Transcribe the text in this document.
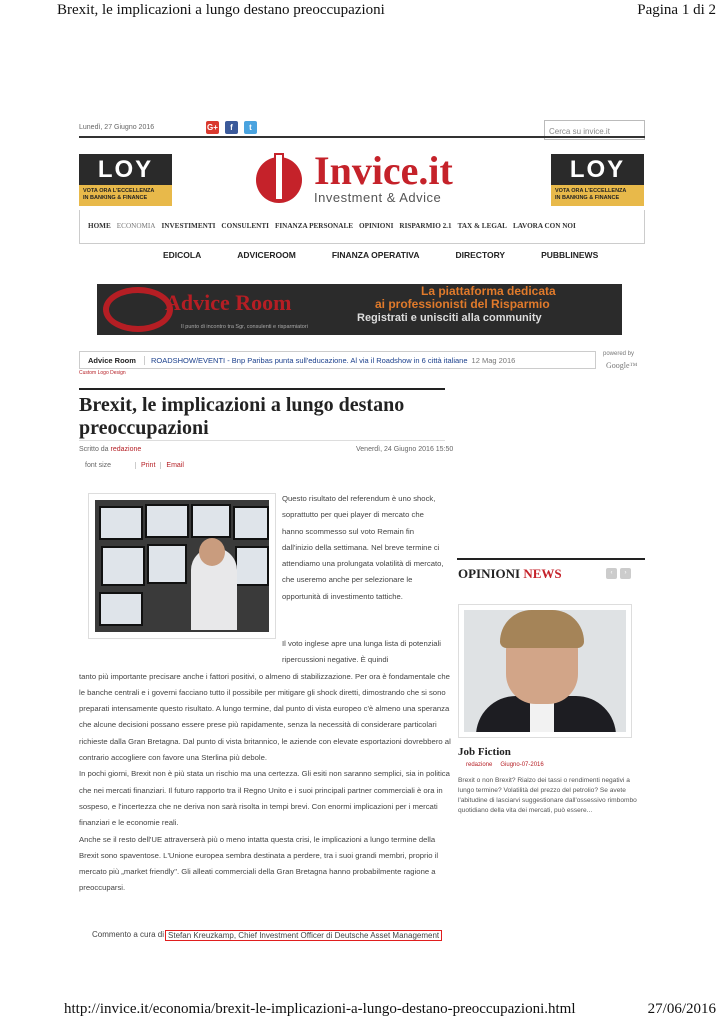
Brexit, le implicazioni a lungo destano preoccupazioni	Pagina 1 di 2
Lunedì, 27 Giugno 2016	G+	f	t	Cerca su invice.it
LOY
VOTA ORA L'ECCELLENZA
IN BANKING & FINANCE
LOY
VOTA ORA L'ECCELLENZA
IN BANKING & FINANCE
Invice.it
Investment & Advice
HOME ECONOMIA INVESTIMENTI CONSULENTI FINANZA PERSONALE OPINIONI RISPARMIO 2.1 TAX & LEGAL LAVORA CON NOI
EDICOLA	ADVICEROOM	FINANZA OPERATIVA	DIRECTORY	PUBBLINEWS
Advice Room	La piattaforma dedicata
ai professionisti del Risparmio
Registrati e unisciti alla community
Il punto di incontro tra Sgr, consulenti e risparmiatori
Advice Room	ROADSHOW/EVENTI - Bnp Paribas punta sull'educazione. Al via il Roadshow in 6 città italiane 12 Mag 2016
powered by
Google™
Custom Logo Design
Brexit, le implicazioni a lungo destano preoccupazioni
Scritto da redazione	Venerdì, 24 Giugno 2016 15:50
font size	Print	Email
Questo risultato del referendum è uno shock, soprattutto per quei player di mercato che hanno scommesso sul voto Remain fin dall'inizio della settimana. Nel breve termine ci attendiamo una prolungata volatilità di mercato, che useremo anche per selezionare le opportunità di investimento tattiche.
Il voto inglese apre una lunga lista di potenziali ripercussioni negative. È quindi
tanto più importante precisare anche i fattori positivi, o almeno di stabilizzazione. Per ora è fondamentale che le banche centrali e i governi facciano tutto il possibile per mitigare gli shock diretti, dimostrando che si sono preparati intensamente questo risultato. A lungo termine, dal punto di vista europeo c'è almeno una speranza che alcune decisioni possano essere prese più rapidamente, senza la necessità di considerare particolari richieste dalla Gran Bretagna. Dal punto di vista britannico, le aziende con elevate esportazioni dovrebbero al contrario accogliere con favore una Sterlina più debole.
In pochi giorni, Brexit non è più stata un rischio ma una certezza. Gli esiti non saranno semplici, sia in politica che nei mercati finanziari. Il futuro rapporto tra il Regno Unito e i suoi principali partner commerciali è ora in sospeso, e l'incertezza che ne deriva non sarà risolta in tempi brevi. Con enormi implicazioni per i mercati finanziari e le economie reali.
Anche se il resto dell'UE attraverserà più o meno intatta questa crisi, le implicazioni a lungo termine della Brexit sono spaventose. L'Unione europea sembra destinata a perdere, tra i suoi grandi membri, proprio il mercato più „market friendly". Gli alleati commerciali della Gran Bretagna hanno probabilmente ragione a preoccuparsi.
Commento a cura di Stefan Kreuzkamp, Chief Investment Officer di Deutsche Asset Management
OPINIONI NEWS	‹	›
Job Fiction
redazione Giugno-07-2016
Brexit o non Brexit? Rialzo dei tassi o rendimenti negativi a lungo termine? Volatilità del prezzo del petrolio? Se avete l'abitudine di lasciarvi suggestionare dall'ossessivo rimbombo quotidiano della vita dei mercati, può essere...
http://invice.it/economia/brexit-le-implicazioni-a-lungo-destano-preoccupazioni.html	27/06/2016
